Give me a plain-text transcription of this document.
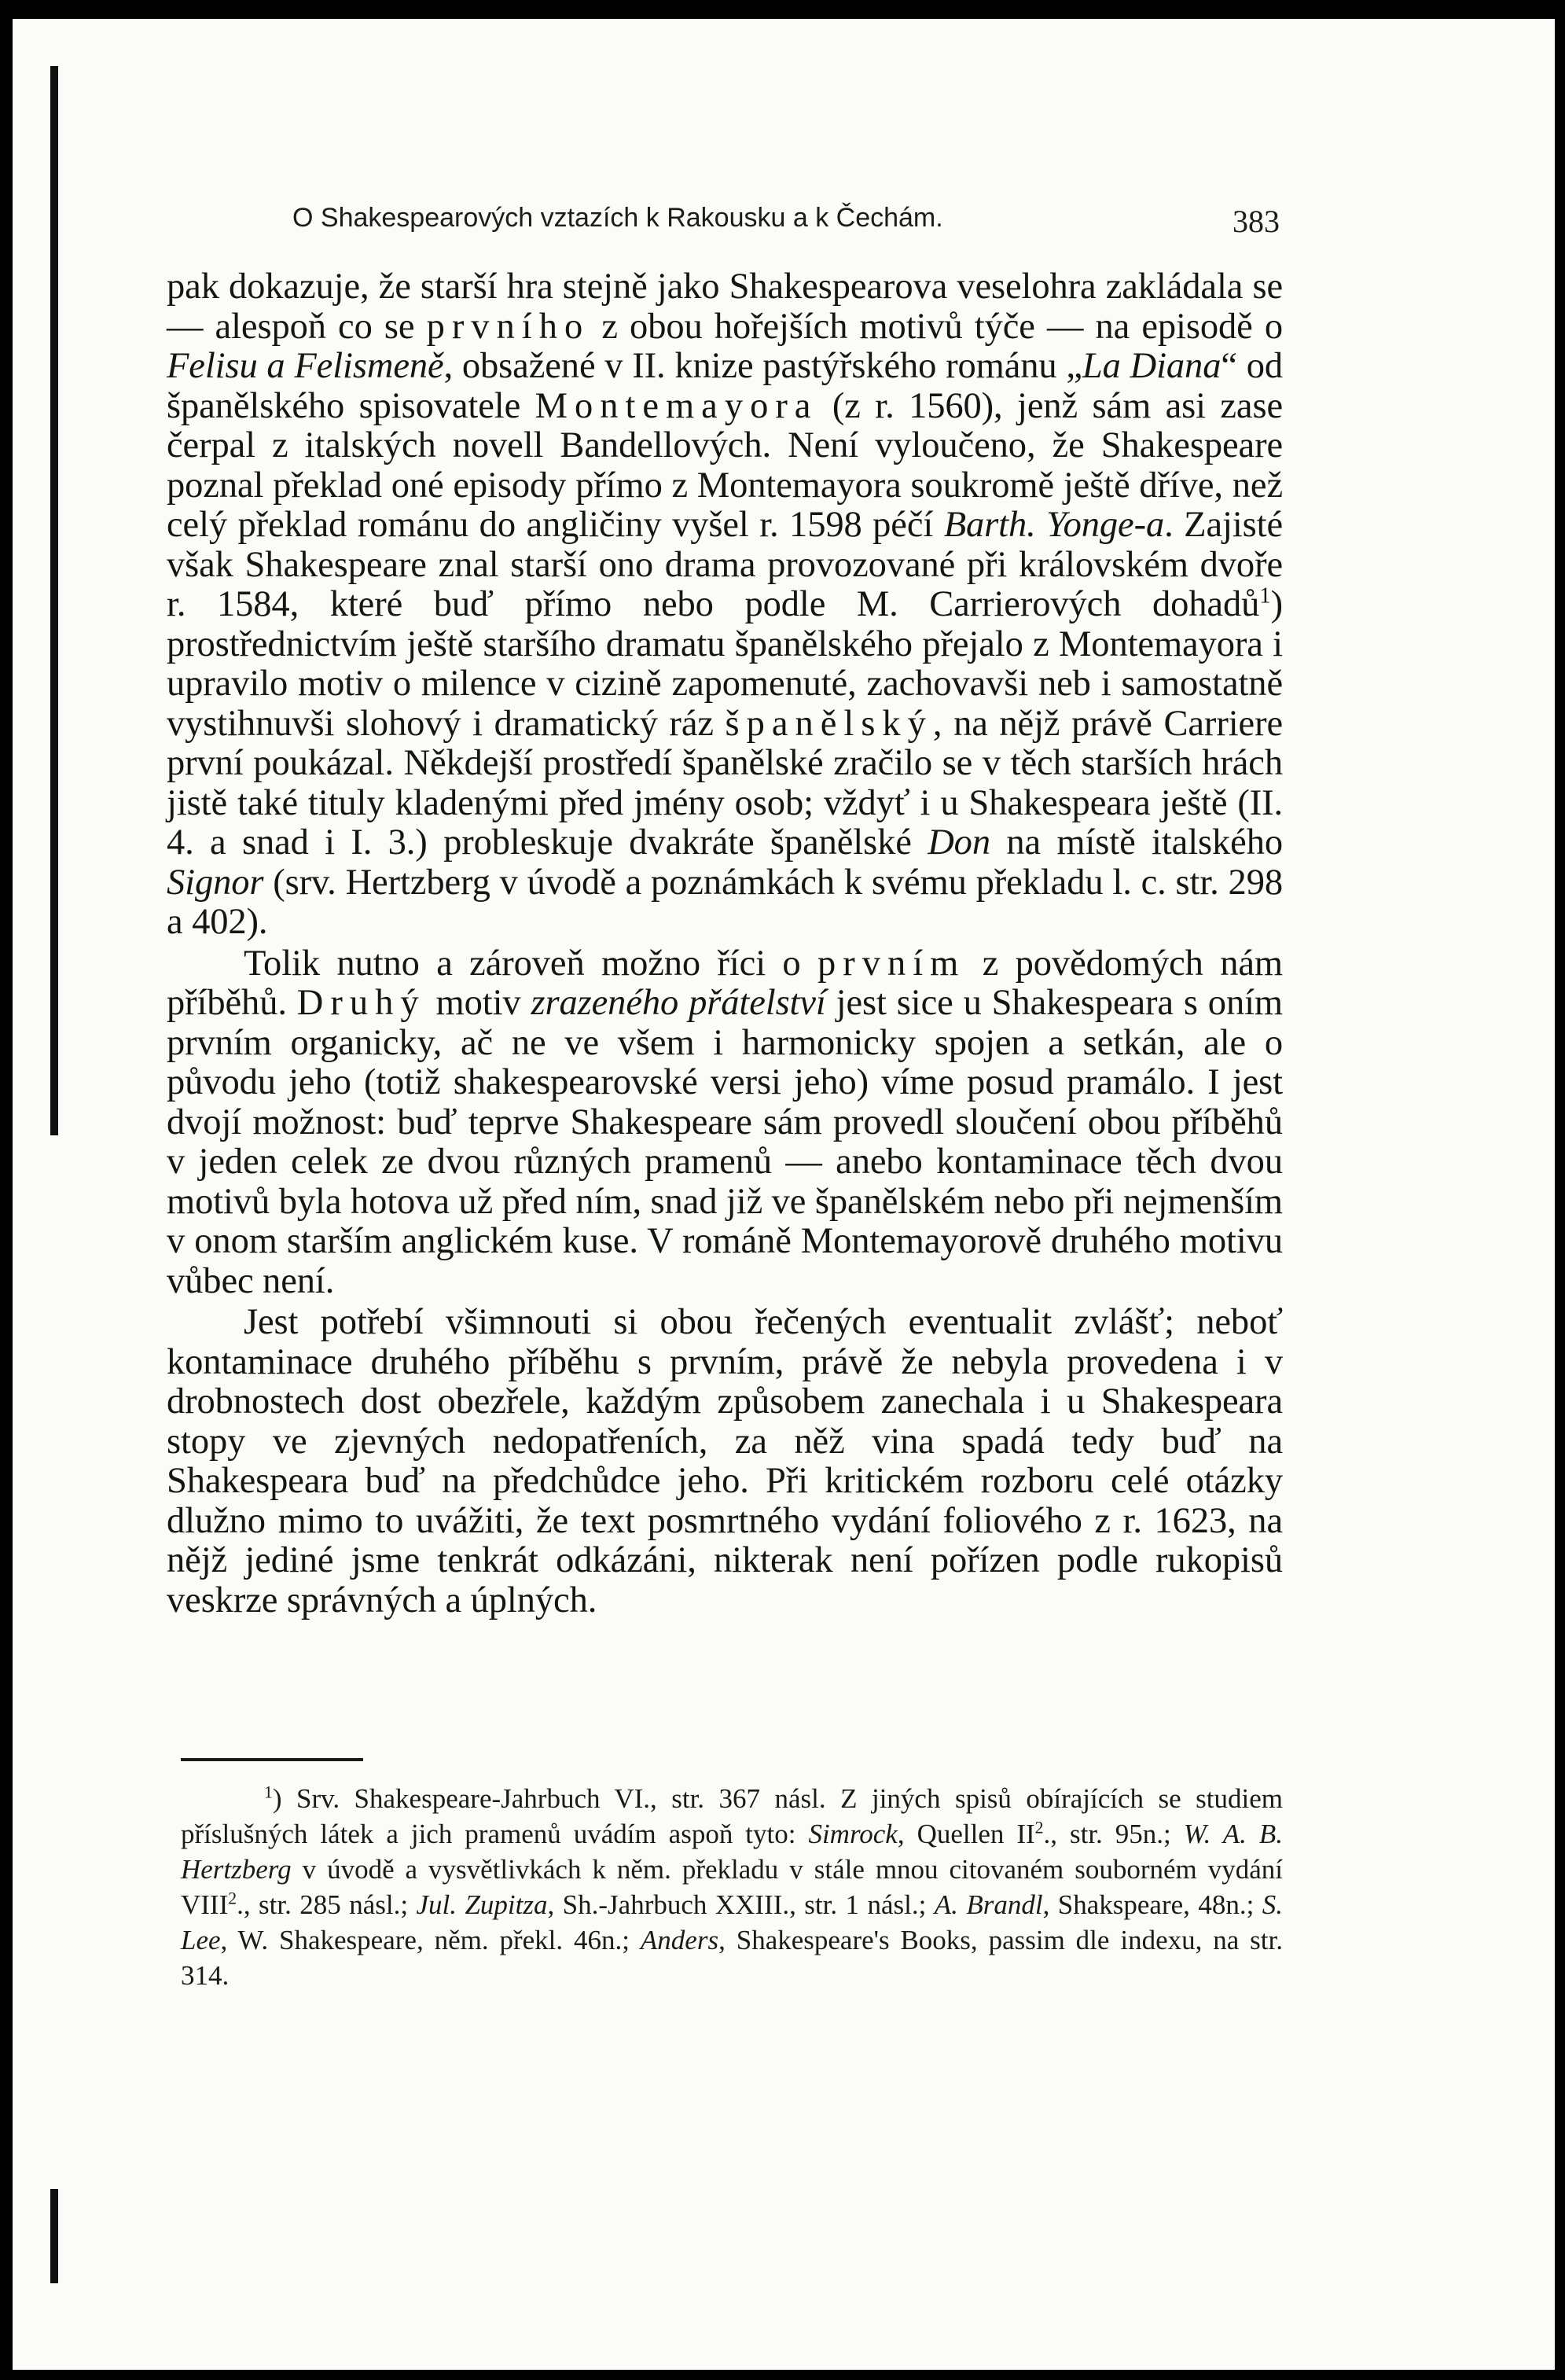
O Shakespearových vztazích k Rakousku a k Čechám.	383

pak dokazuje, že starší hra stejně jako Shakespearova veselohra zakládala se — alespoň co se prvního z obou hořejších motivů týče — na episodě o Felisu a Felismeně, obsažené v II. knize pastýřského románu „La Diana“ od španělského spisovatele Montemayora (z r. 1560), jenž sám asi zase čerpal z italských novell Bandellových. Není vyloučeno, že Shakespeare poznal překlad oné episody přímo z Montemayora soukromě ještě dříve, než celý překlad románu do angličiny vyšel r. 1598 péčí Barth. Yonge-a. Zajisté však Shakespeare znal starší ono drama provozované při královském dvoře r. 1584, které buď přímo nebo podle M. Carrierových dohadů$^1$) prostřednictvím ještě staršího dramatu španělského přejalo z Montemayora i upravilo motiv o milence v cizině zapomenuté, zachovavši neb i samostatně vystihnuvši slohový i dramatický ráz španělský, na nějž právě Carriere první poukázal. Někdejší prostředí španělské zračilo se v těch starších hrách jistě také tituly kladenými před jmény osob; vždyť i u Shakespeara ještě (II. 4. a snad i I. 3.) probleskuje dvakráte španělské Don na místě italského Signor (srv. Hertzberg v úvodě a poznámkách k svému překladu l. c. str. 298 a 402).

Tolik nutno a zároveň možno říci o prvním z povědomých nám příběhů. Druhý motiv zrazeného přátelství jest sice u Shakespeara s oním prvním organicky, ač ne ve všem i harmonicky spojen a setkán, ale o původu jeho (totiž shakespearovské versi jeho) víme posud pramálo. I jest dvojí možnost: buď teprve Shakespeare sám provedl sloučení obou příběhů v jeden celek ze dvou různých pramenů — anebo kontaminace těch dvou motivů byla hotova už před ním, snad již ve španělském nebo při nejmenším v onom starším anglickém kuse. V románě Montemayorově druhého motivu vůbec není.

Jest potřebí všimnouti si obou řečených eventualit zvlášť; neboť kontaminace druhého příběhu s prvním, právě že nebyla provedena i v drobnostech dost obezřele, každým způsobem zanechala i u Shakespeara stopy ve zjevných nedopatřeních, za něž vina spadá tedy buď na Shakespeara buď na předchůdce jeho. Při kritickém rozboru celé otázky dlužno mimo to uvážiti, že text posmrtného vydání foliového z r. 1623, na nějž jediné jsme tenkrát odkázáni, nikterak není pořízen podle rukopisů veskrze správných a úplných.

$^1$) Srv. Shakespeare-Jahrbuch VI., str. 367 násl. Z jiných spisů obírajících se studiem příslušných látek a jich pramenů uvádím aspoň tyto: Simrock, Quellen $II^2$., str. 95n.; W. A. B. Hertzberg v úvodě a vysvětlivkách k něm. překladu v stále mnou citovaném souborném vydání VIII$^2$., str. 285 násl.; Jul. Zupitza, Sh.-Jahrbuch XXIII., str. 1 násl.; A. Brandl, Shakspeare, 48n.; S. Lee, W. Shakespeare, něm. překl. 46n.; Anders, Shakespeare's Books, passim dle indexu, na str. 314.
